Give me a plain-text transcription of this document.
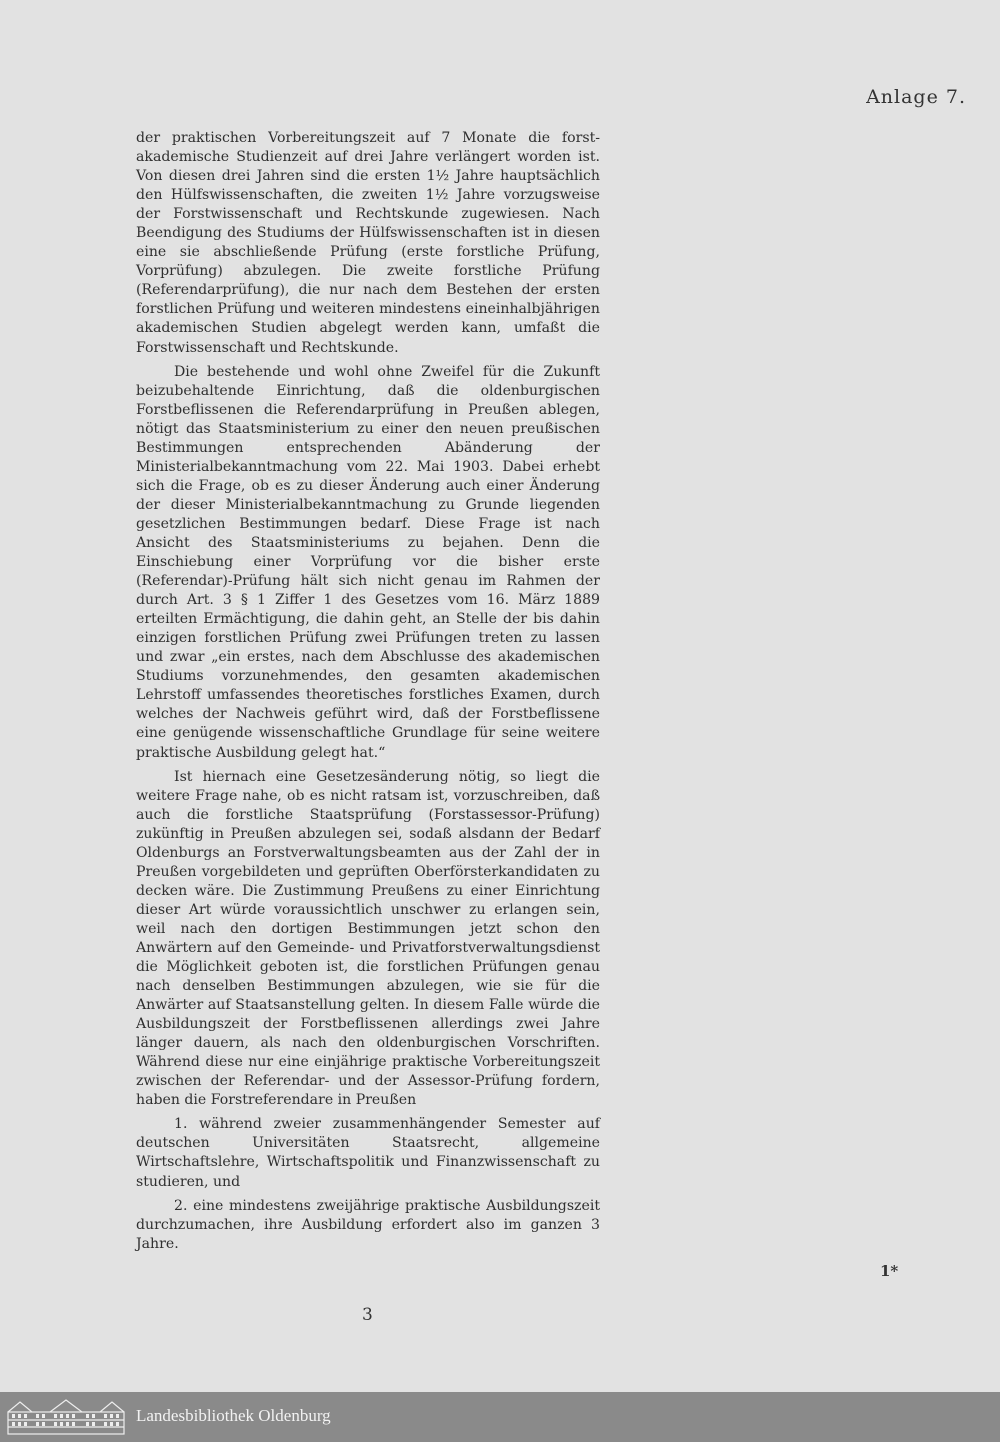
Anlage 7.

der praktischen Vorbereitungszeit auf 7 Monate die forst-akademische Studienzeit auf drei Jahre verlängert worden ist. Von diesen drei Jahren sind die ersten 1½ Jahre hauptsächlich den Hülfswissenschaften, die zweiten 1½ Jahre vorzugsweise der Forstwissenschaft und Rechtskunde zugewiesen. Nach Beendigung des Studiums der Hülfswissenschaften ist in diesen eine sie abschließende Prüfung (erste forstliche Prüfung, Vorprüfung) abzulegen. Die zweite forstliche Prüfung (Referendarprüfung), die nur nach dem Bestehen der ersten forstlichen Prüfung und weiteren mindestens eineinhalbjährigen akademischen Studien abgelegt werden kann, umfaßt die Forstwissenschaft und Rechtskunde.

Die bestehende und wohl ohne Zweifel für die Zukunft beizubehaltende Einrichtung, daß die oldenburgischen Forstbeflissenen die Referendarprüfung in Preußen ablegen, nötigt das Staatsministerium zu einer den neuen preußischen Bestimmungen entsprechenden Abänderung der Ministerialbekanntmachung vom 22. Mai 1903. Dabei erhebt sich die Frage, ob es zu dieser Änderung auch einer Änderung der dieser Ministerialbekanntmachung zu Grunde liegenden gesetzlichen Bestimmungen bedarf. Diese Frage ist nach Ansicht des Staatsministeriums zu bejahen. Denn die Einschiebung einer Vorprüfung vor die bisher erste (Referendar)-Prüfung hält sich nicht genau im Rahmen der durch Art. 3 § 1 Ziffer 1 des Gesetzes vom 16. März 1889 erteilten Ermächtigung, die dahin geht, an Stelle der bis dahin einzigen forstlichen Prüfung zwei Prüfungen treten zu lassen und zwar „ein erstes, nach dem Abschlusse des akademischen Studiums vorzunehmendes, den gesamten akademischen Lehrstoff umfassendes theoretisches forstliches Examen, durch welches der Nachweis geführt wird, daß der Forstbeflissene eine genügende wissenschaftliche Grundlage für seine weitere praktische Ausbildung gelegt hat.“

Ist hiernach eine Gesetzesänderung nötig, so liegt die weitere Frage nahe, ob es nicht ratsam ist, vorzuschreiben, daß auch die forstliche Staatsprüfung (Forstassessor-Prüfung) zukünftig in Preußen abzulegen sei, sodaß alsdann der Bedarf Oldenburgs an Forstverwaltungsbeamten aus der Zahl der in Preußen vorgebildeten und geprüften Oberförsterkandidaten zu decken wäre. Die Zustimmung Preußens zu einer Einrichtung dieser Art würde voraussichtlich unschwer zu erlangen sein, weil nach den dortigen Bestimmungen jetzt schon den Anwärtern auf den Gemeinde- und Privatforstverwaltungsdienst die Möglichkeit geboten ist, die forstlichen Prüfungen genau nach denselben Bestimmungen abzulegen, wie sie für die Anwärter auf Staatsanstellung gelten. In diesem Falle würde die Ausbildungszeit der Forstbeflissenen allerdings zwei Jahre länger dauern, als nach den oldenburgischen Vorschriften. Während diese nur eine einjährige praktische Vorbereitungszeit zwischen der Referendar- und der Assessor-Prüfung fordern, haben die Forstreferendare in Preußen

1. während zweier zusammenhängender Semester auf deutschen Universitäten Staatsrecht, allgemeine Wirtschaftslehre, Wirtschaftspolitik und Finanzwissenschaft zu studieren, und

2. eine mindestens zweijährige praktische Ausbildungszeit durchzumachen, ihre Ausbildung erfordert also im ganzen 3 Jahre.

3
1*
Landesbibliothek Oldenburg
